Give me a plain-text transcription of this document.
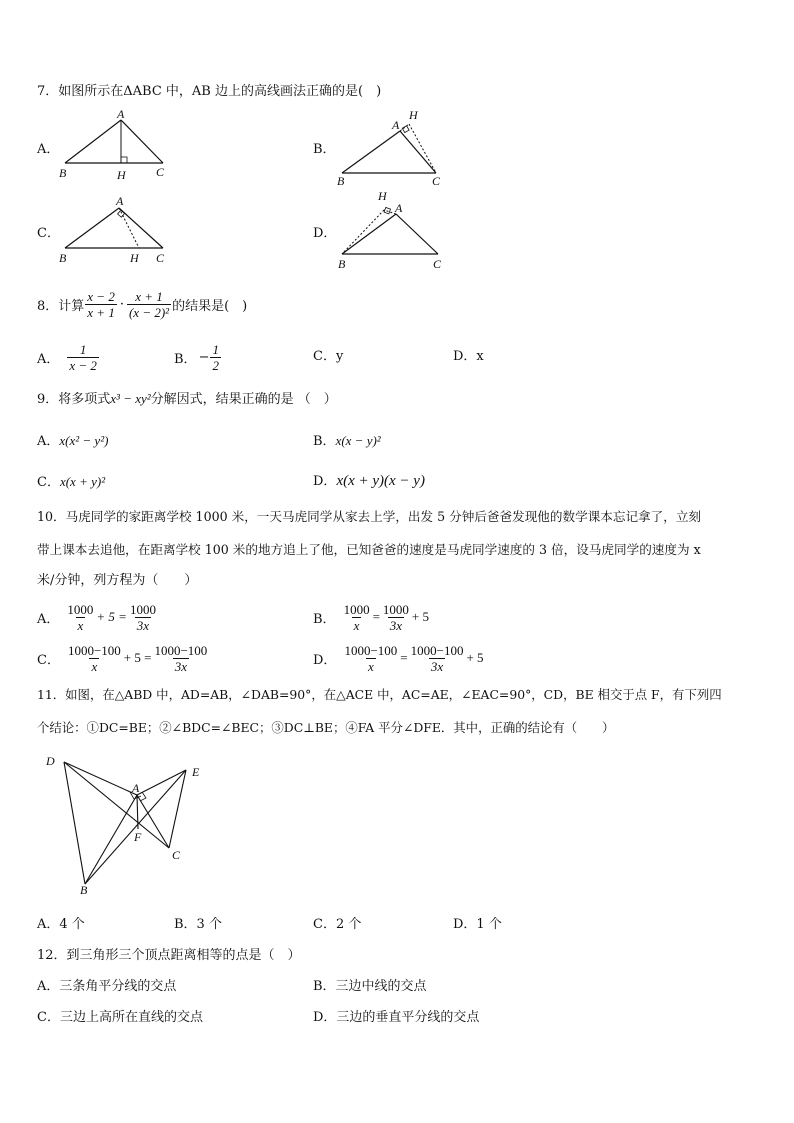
7．如图所示在ΔABC 中，AB 边上的高线画法正确的是(　)
A．
A
B	H	C
B．
A
H
B	C
C．
A
B	H C
D．
H
A
B	C
8．计算 $\frac{x - 2}{x + 1} \cdot \frac{x + 1}{\text{(x − 2)²}}$ 的结果是(　)
A． $\frac{1}{x - 2}$	B． − $\frac{1}{2}$	C．y	D．x
9．将多项式x³ − xy²分解因式，结果正确的是 （　）
A．x(x² − y²)	B．x(x − y)²
C．x(x + y)²	D．x(x + y)(x − y)
10．马虎同学的家距离学校 1000 米，一天马虎同学从家去上学，出发 5 分钟后爸爸发现他的数学课本忘记拿了，立刻
带上课本去追他，在距离学校 100 米的地方追上了他，已知爸爸的速度是马虎同学速度的 3 倍，设马虎同学的速度为 x
米/分钟，列方程为（　　）
A． $\frac{1000}{x} + 5 = \frac{1000}{3x}$	B． $\frac{1000}{x} = \frac{1000}{3x} + 5$
C． $\frac{1000-100}{x} + 5 = \frac{1000-100}{3x}$	D． $\frac{1000-100}{x} = \frac{1000-100}{3x} + 5$
11．如图，在△ABD 中，AD=AB，∠DAB=90°，在△ACE 中，AC=AE，∠EAC=90°，CD，BE 相交于点 F，有下列四
个结论：①DC=BE；②∠BDC=∠BEC；③DC⊥BE；④FA 平分∠DFE．其中，正确的结论有（　　）
D
E
A
F
C
B
A．4 个	B．3 个	C．2 个	D．1 个
12．到三角形三个顶点距离相等的点是（　）
A．三条角平分线的交点	B．三边中线的交点
C．三边上高所在直线的交点	D．三边的垂直平分线的交点
